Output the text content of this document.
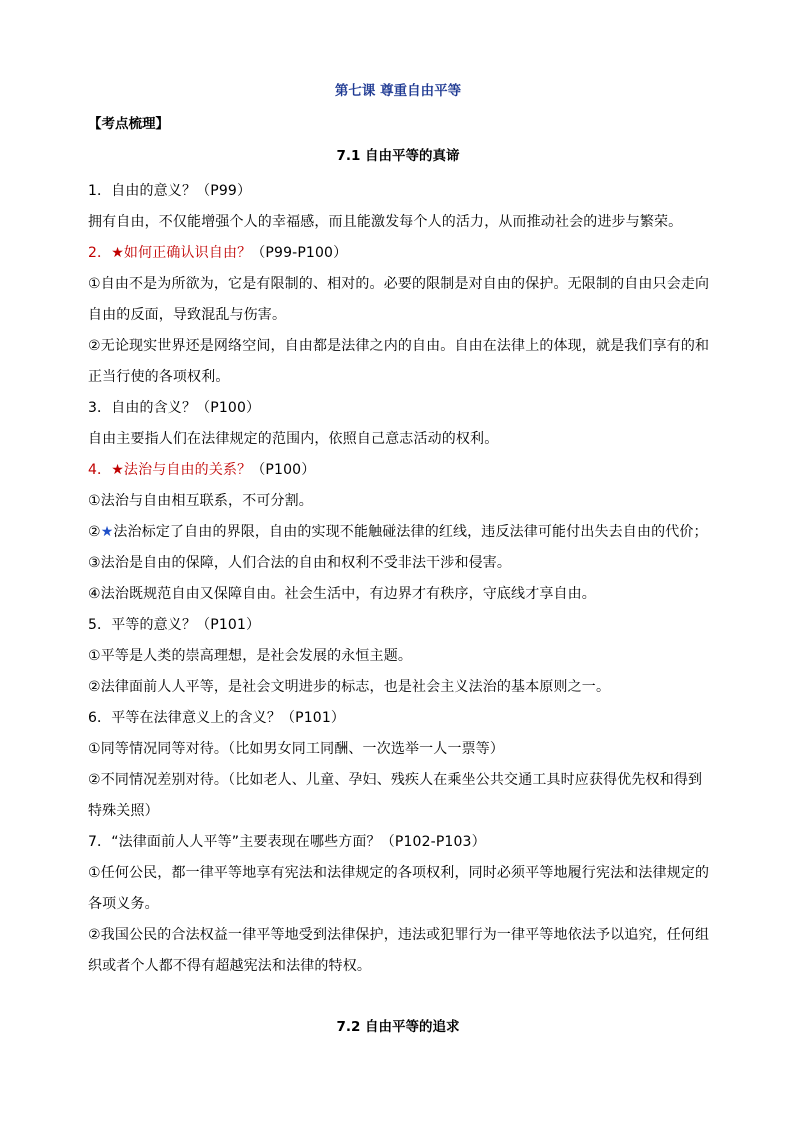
第七课 尊重自由平等
【考点梳理】
7.1 自由平等的真谛
1．自由的意义？（P99）
拥有自由，不仅能增强个人的幸福感，而且能激发每个人的活力，从而推动社会的进步与繁荣。
2．★如何正确认识自由？（P99-P100）
①自由不是为所欲为，它是有限制的、相对的。必要的限制是对自由的保护。无限制的自由只会走向
自由的反面，导致混乱与伤害。
②无论现实世界还是网络空间，自由都是法律之内的自由。自由在法律上的体现，就是我们享有的和
正当行使的各项权利。
3．自由的含义？（P100）
自由主要指人们在法律规定的范围内，依照自己意志活动的权利。
4．★法治与自由的关系？（P100）
①法治与自由相互联系，不可分割。
②★法治标定了自由的界限，自由的实现不能触碰法律的红线，违反法律可能付出失去自由的代价；
③法治是自由的保障，人们合法的自由和权利不受非法干涉和侵害。
④法治既规范自由又保障自由。社会生活中，有边界才有秩序，守底线才享自由。
5．平等的意义？（P101）
①平等是人类的崇高理想，是社会发展的永恒主题。
②法律面前人人平等，是社会文明进步的标志，也是社会主义法治的基本原则之一。
6．平等在法律意义上的含义？（P101）
①同等情况同等对待。（比如男女同工同酬、一次选举一人一票等）
②不同情况差别对待。（比如老人、儿童、孕妇、残疾人在乘坐公共交通工具时应获得优先权和得到
特殊关照）
7．“法律面前人人平等”主要表现在哪些方面？（P102-P103）
①任何公民，都一律平等地享有宪法和法律规定的各项权利，同时必须平等地履行宪法和法律规定的
各项义务。
②我国公民的合法权益一律平等地受到法律保护，违法或犯罪行为一律平等地依法予以追究，任何组
织或者个人都不得有超越宪法和法律的特权。
7.2 自由平等的追求
